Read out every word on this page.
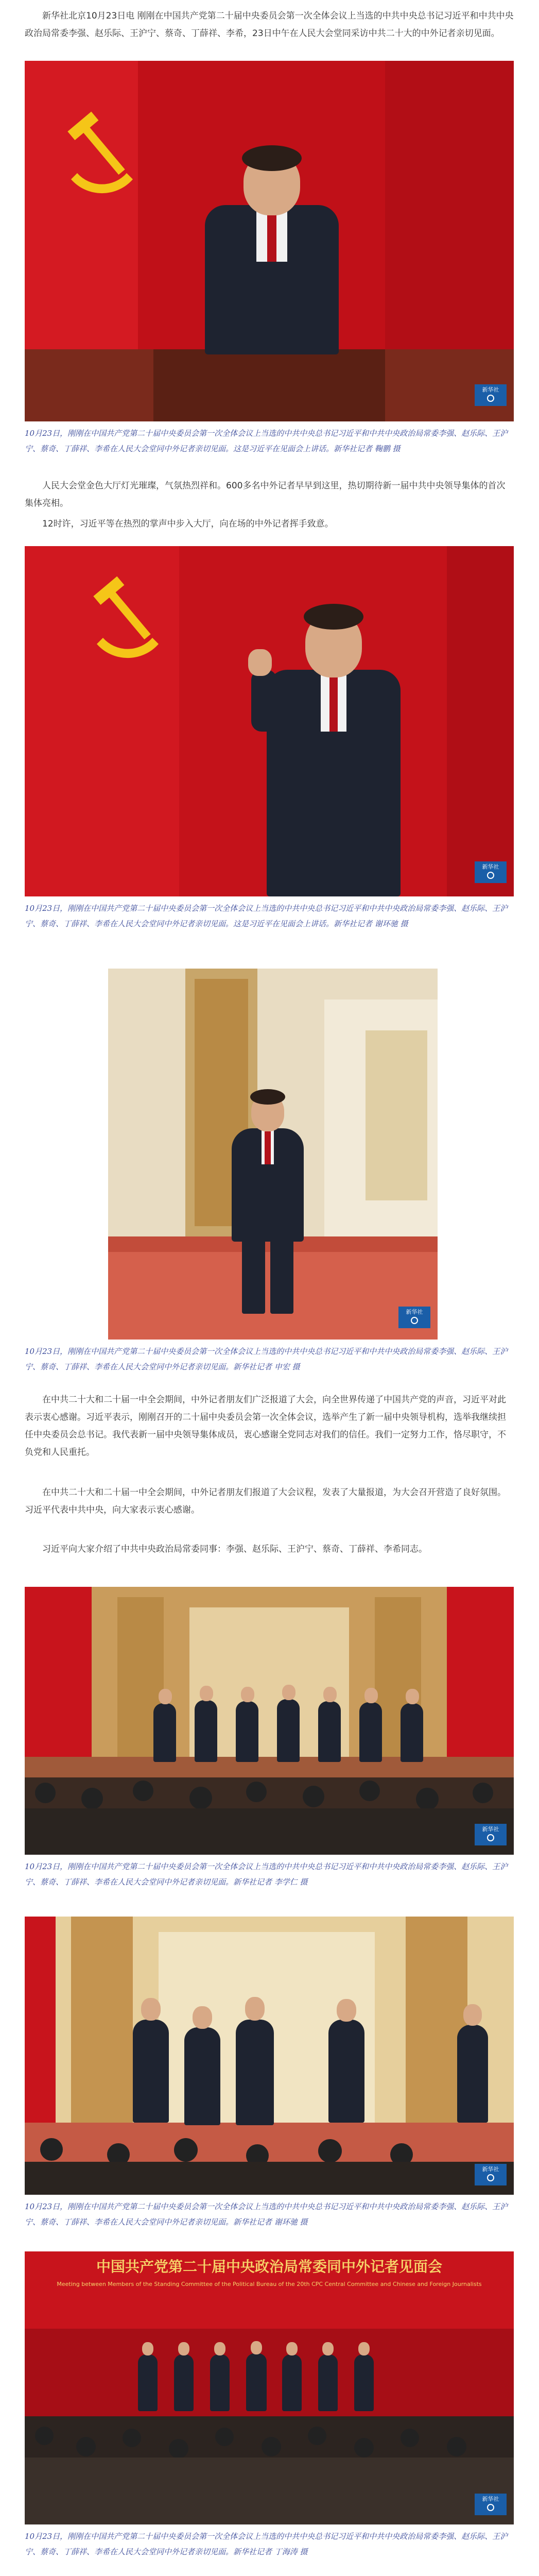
新华社北京10月23日电 刚刚在中国共产党第二十届中央委员会第一次全体会议上当选的中共中央总书记习近平和中共中央政治局常委李强、赵乐际、王沪宁、蔡奇、丁薛祥、李希，23日中午在人民大会堂同采访中共二十大的中外记者亲切见面。

新华社

10月23日，刚刚在中国共产党第二十届中央委员会第一次全体会议上当选的中共中央总书记习近平和中共中央政治局常委李强、赵乐际、王沪宁、蔡奇、丁薛祥、李希在人民大会堂同中外记者亲切见面。这是习近平在见面会上讲话。新华社记者 鞠鹏 摄

人民大会堂金色大厅灯光璀璨，气氛热烈祥和。600多名中外记者早早到这里，热切期待新一届中共中央领导集体的首次集体亮相。

12时许，习近平等在热烈的掌声中步入大厅，向在场的中外记者挥手致意。

新华社

10月23日，刚刚在中国共产党第二十届中央委员会第一次全体会议上当选的中共中央总书记习近平和中共中央政治局常委李强、赵乐际、王沪宁、蔡奇、丁薛祥、李希在人民大会堂同中外记者亲切见面。这是习近平在见面会上讲话。新华社记者 谢环驰 摄

新华社

10月23日，刚刚在中国共产党第二十届中央委员会第一次全体会议上当选的中共中央总书记习近平和中共中央政治局常委李强、赵乐际、王沪宁、蔡奇、丁薛祥、李希在人民大会堂同中外记者亲切见面。新华社记者 申宏 摄

在中共二十大和二十届一中全会期间，中外记者朋友们广泛报道了大会，向全世界传递了中国共产党的声音，习近平对此表示衷心感谢。习近平表示，刚刚召开的二十届中央委员会第一次全体会议，选举产生了新一届中央领导机构，选举我继续担任中央委员会总书记。我代表新一届中央领导集体成员，衷心感谢全党同志对我们的信任。我们一定努力工作，恪尽职守，不负党和人民重托。

在中共二十大和二十届一中全会期间，中外记者朋友们报道了大会议程，发表了大量报道，为大会召开营造了良好氛围。习近平代表中共中央，向大家表示衷心感谢。

习近平向大家介绍了中共中央政治局常委同事：李强、赵乐际、王沪宁、蔡奇、丁薛祥、李希同志。

新华社

10月23日，刚刚在中国共产党第二十届中央委员会第一次全体会议上当选的中共中央总书记习近平和中共中央政治局常委李强、赵乐际、王沪宁、蔡奇、丁薛祥、李希在人民大会堂同中外记者亲切见面。新华社记者 李学仁 摄

新华社

10月23日，刚刚在中国共产党第二十届中央委员会第一次全体会议上当选的中共中央总书记习近平和中共中央政治局常委李强、赵乐际、王沪宁、蔡奇、丁薛祥、李希在人民大会堂同中外记者亲切见面。新华社记者 谢环驰 摄

中国共产党第二十届中央政治局常委同中外记者见面会
Meeting between Members of the Standing Committee of the Political Bureau of the 20th CPC Central Committee and Chinese and Foreign Journalists
新华社

10月23日，刚刚在中国共产党第二十届中央委员会第一次全体会议上当选的中共中央总书记习近平和中共中央政治局常委李强、赵乐际、王沪宁、蔡奇、丁薛祥、李希在人民大会堂同中外记者亲切见面。新华社记者 丁海涛 摄
